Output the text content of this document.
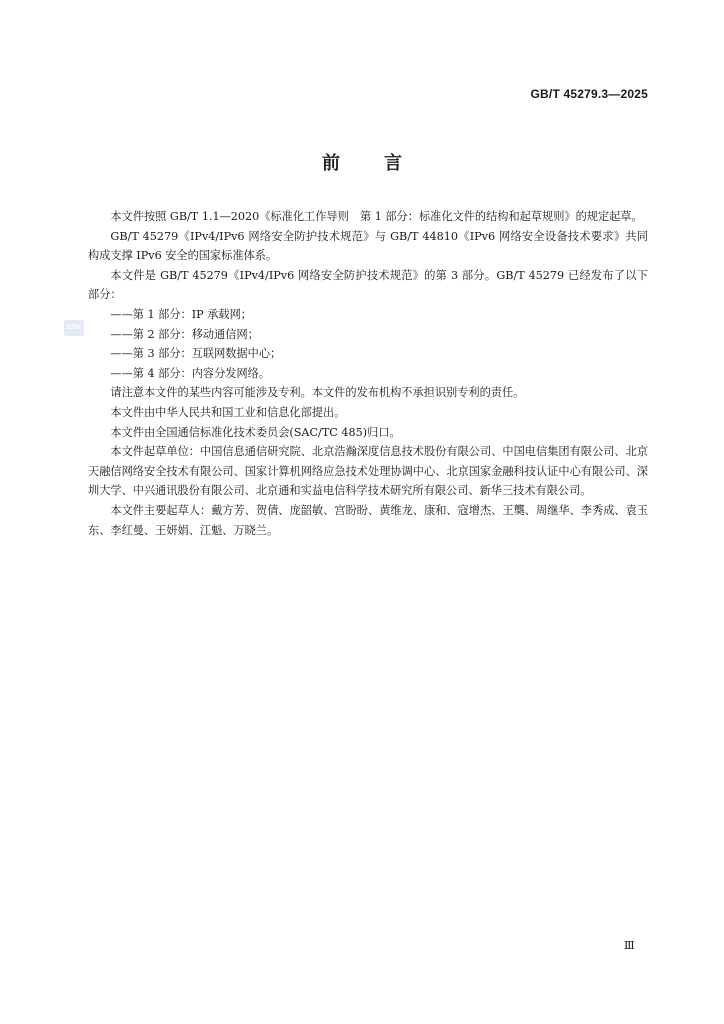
GB/T 45279.3—2025
前言
SZNC

本文件按照 GB/T 1.1—2020《标准化工作导则　第 1 部分：标准化文件的结构和起草规则》的规定起草。

GB/T 45279《IPv4/IPv6 网络安全防护技术规范》与 GB/T 44810《IPv6 网络安全设备技术要求》共同构成支撑 IPv6 安全的国家标准体系。

本文件是 GB/T 45279《IPv4/IPv6 网络安全防护技术规范》的第 3 部分。GB/T 45279 已经发布了以下部分：

——第 1 部分：IP 承载网；

——第 2 部分：移动通信网；

——第 3 部分：互联网数据中心；

——第 4 部分：内容分发网络。

请注意本文件的某些内容可能涉及专利。本文件的发布机构不承担识别专利的责任。

本文件由中华人民共和国工业和信息化部提出。

本文件由全国通信标准化技术委员会(SAC/TC 485)归口。

本文件起草单位：中国信息通信研究院、北京浩瀚深度信息技术股份有限公司、中国电信集团有限公司、北京天融信网络安全技术有限公司、国家计算机网络应急技术处理协调中心、北京国家金融科技认证中心有限公司、深圳大学、中兴通讯股份有限公司、北京通和实益电信科学技术研究所有限公司、新华三技术有限公司。

本文件主要起草人：戴方芳、贺倩、庞韶敏、宫盼盼、黄维龙、康和、寇增杰、王龑、周继华、李秀成、袁玉东、李红曼、王妍娟、江魁、万晓兰。

Ⅲ
